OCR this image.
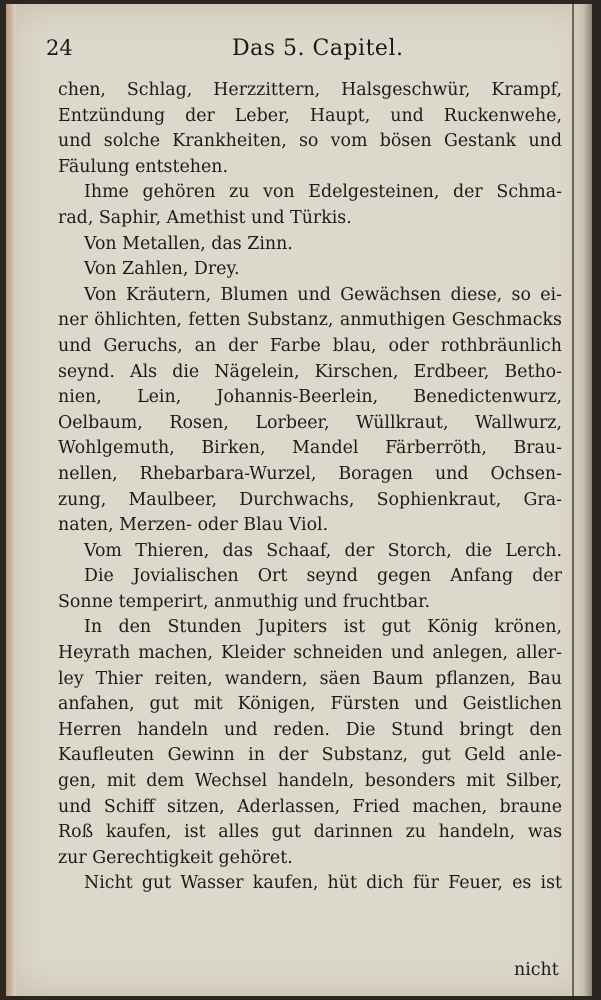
24	Das 5. Capitel.
chen, Schlag, Herzzittern, Halsgeschwür, Krampf,
Entzündung der Leber, Haupt, und Ruckenwehe,
und solche Krankheiten, so vom bösen Gestank und
Fäulung entstehen.
Ihme gehören zu von Edelgesteinen, der Schma-
rad, Saphir, Amethist und Türkis.
Von Metallen, das Zinn.
Von Zahlen, Drey.
Von Kräutern, Blumen und Gewächsen diese, so ei-
ner öhlichten, fetten Substanz, anmuthigen Geschmacks
und Geruchs, an der Farbe blau, oder rothbräunlich
seynd. Als die Nägelein, Kirschen, Erdbeer, Betho-
nien, Lein, Johannis-Beerlein, Benedictenwurz,
Oelbaum, Rosen, Lorbeer, Wüllkraut, Wallwurz,
Wohlgemuth, Birken, Mandel Färberröth, Brau-
nellen, Rhebarbara-Wurzel, Boragen und Ochsen-
zung, Maulbeer, Durchwachs, Sophienkraut, Gra-
naten, Merzen- oder Blau Viol.
Vom Thieren, das Schaaf, der Storch, die Lerch.
Die Jovialischen Ort seynd gegen Anfang der
Sonne temperirt, anmuthig und fruchtbar.
In den Stunden Jupiters ist gut König krönen,
Heyrath machen, Kleider schneiden und anlegen, aller-
ley Thier reiten, wandern, säen Baum pflanzen, Bau
anfahen, gut mit Königen, Fürsten und Geistlichen
Herren handeln und reden. Die Stund bringt den
Kaufleuten Gewinn in der Substanz, gut Geld anle-
gen, mit dem Wechsel handeln, besonders mit Silber,
und Schiff sitzen, Aderlassen, Fried machen, braune
Roß kaufen, ist alles gut darinnen zu handeln, was
zur Gerechtigkeit gehöret.
Nicht gut Wasser kaufen, hüt dich für Feuer, es ist
nicht
